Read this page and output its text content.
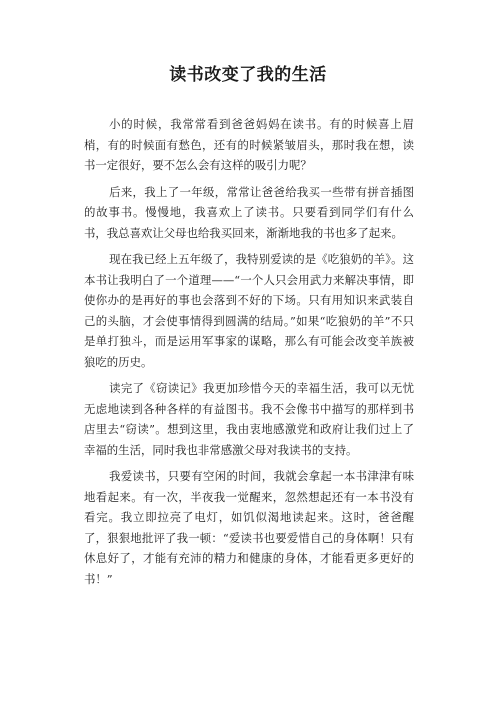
读书改变了我的生活

小的时候，我常常看到爸爸妈妈在读书。有的时候喜上眉梢，有的时候面有愁色，还有的时候紧皱眉头，那时我在想，读书一定很好，要不怎么会有这样的吸引力呢？

后来，我上了一年级，常常让爸爸给我买一些带有拼音插图的故事书。慢慢地，我喜欢上了读书。只要看到同学们有什么书，我总喜欢让父母也给我买回来，渐渐地我的书也多了起来。

现在我已经上五年级了，我特别爱读的是《吃狼奶的羊》。这本书让我明白了一个道理——“一个人只会用武力来解决事情，即使你办的是再好的事也会落到不好的下场。只有用知识来武装自己的头脑，才会使事情得到圆满的结局。”如果“吃狼奶的羊”不只是单打独斗，而是运用军事家的谋略，那么有可能会改变羊族被狼吃的历史。

读完了《窃读记》我更加珍惜今天的幸福生活，我可以无忧无虑地读到各种各样的有益图书。我不会像书中描写的那样到书店里去“窃读”。想到这里，我由衷地感激党和政府让我们过上了幸福的生活，同时我也非常感激父母对我读书的支持。

我爱读书，只要有空闲的时间，我就会拿起一本书津津有味地看起来。有一次，半夜我一觉醒来，忽然想起还有一本书没有看完。我立即拉亮了电灯，如饥似渴地读起来。这时，爸爸醒了，狠狠地批评了我一顿：“爱读书也要爱惜自己的身体啊！只有休息好了，才能有充沛的精力和健康的身体，才能看更多更好的书！”
